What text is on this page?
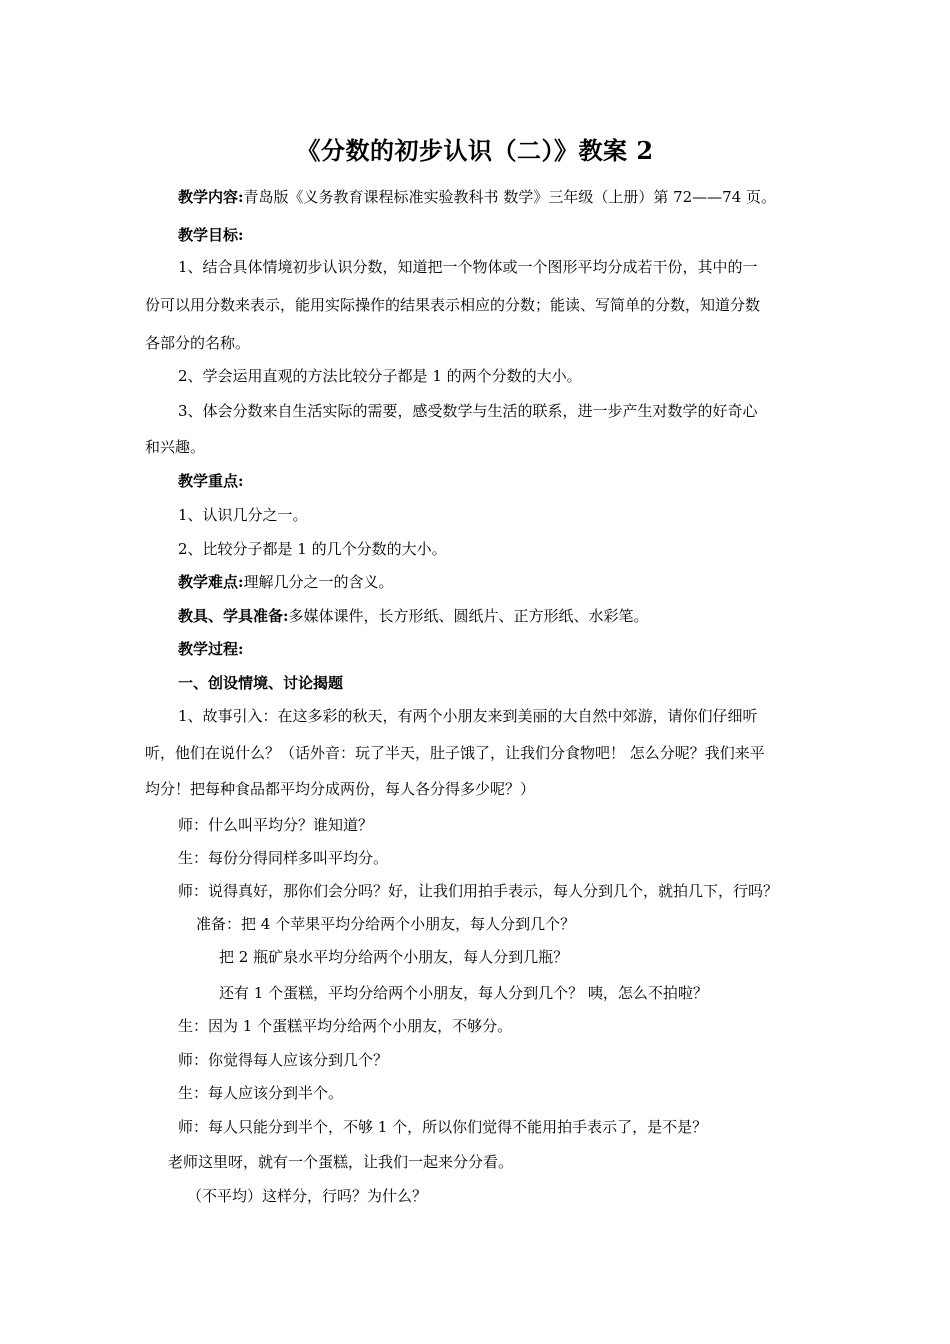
《分数的初步认识（二）》教案 2

教学内容:青岛版《义务教育课程标准实验教科书 数学》三年级（上册）第 72——74 页。

教学目标:

1、结合具体情境初步认识分数，知道把一个物体或一个图形平均分成若干份，其中的一

份可以用分数来表示，能用实际操作的结果表示相应的分数；能读、写简单的分数，知道分数

各部分的名称。

2、学会运用直观的方法比较分子都是 1 的两个分数的大小。

3、体会分数来自生活实际的需要，感受数学与生活的联系，进一步产生对数学的好奇心

和兴趣。

教学重点:

1、认识几分之一。

2、比较分子都是 1 的几个分数的大小。

教学难点:理解几分之一的含义。

教具、学具准备:多媒体课件，长方形纸、圆纸片、正方形纸、水彩笔。

教学过程:

一、创设情境、讨论揭题

1、故事引入：在这多彩的秋天，有两个小朋友来到美丽的大自然中郊游，请你们仔细听

听，他们在说什么？（话外音：玩了半天，肚子饿了，让我们分食物吧！ 怎么分呢？我们来平

均分！把每种食品都平均分成两份，每人各分得多少呢？）

师：什么叫平均分？谁知道？

生：每份分得同样多叫平均分。

师：说得真好，那你们会分吗？好，让我们用拍手表示，每人分到几个，就拍几下，行吗？

准备：把 4 个苹果平均分给两个小朋友，每人分到几个？

把 2 瓶矿泉水平均分给两个小朋友，每人分到几瓶？

还有 1 个蛋糕，平均分给两个小朋友，每人分到几个？ 咦，怎么不拍啦？

生：因为 1 个蛋糕平均分给两个小朋友，不够分。

师：你觉得每人应该分到几个？

生：每人应该分到半个。

师：每人只能分到半个，不够 1 个，所以你们觉得不能用拍手表示了，是不是？

老师这里呀，就有一个蛋糕，让我们一起来分分看。

（不平均）这样分，行吗？为什么？
